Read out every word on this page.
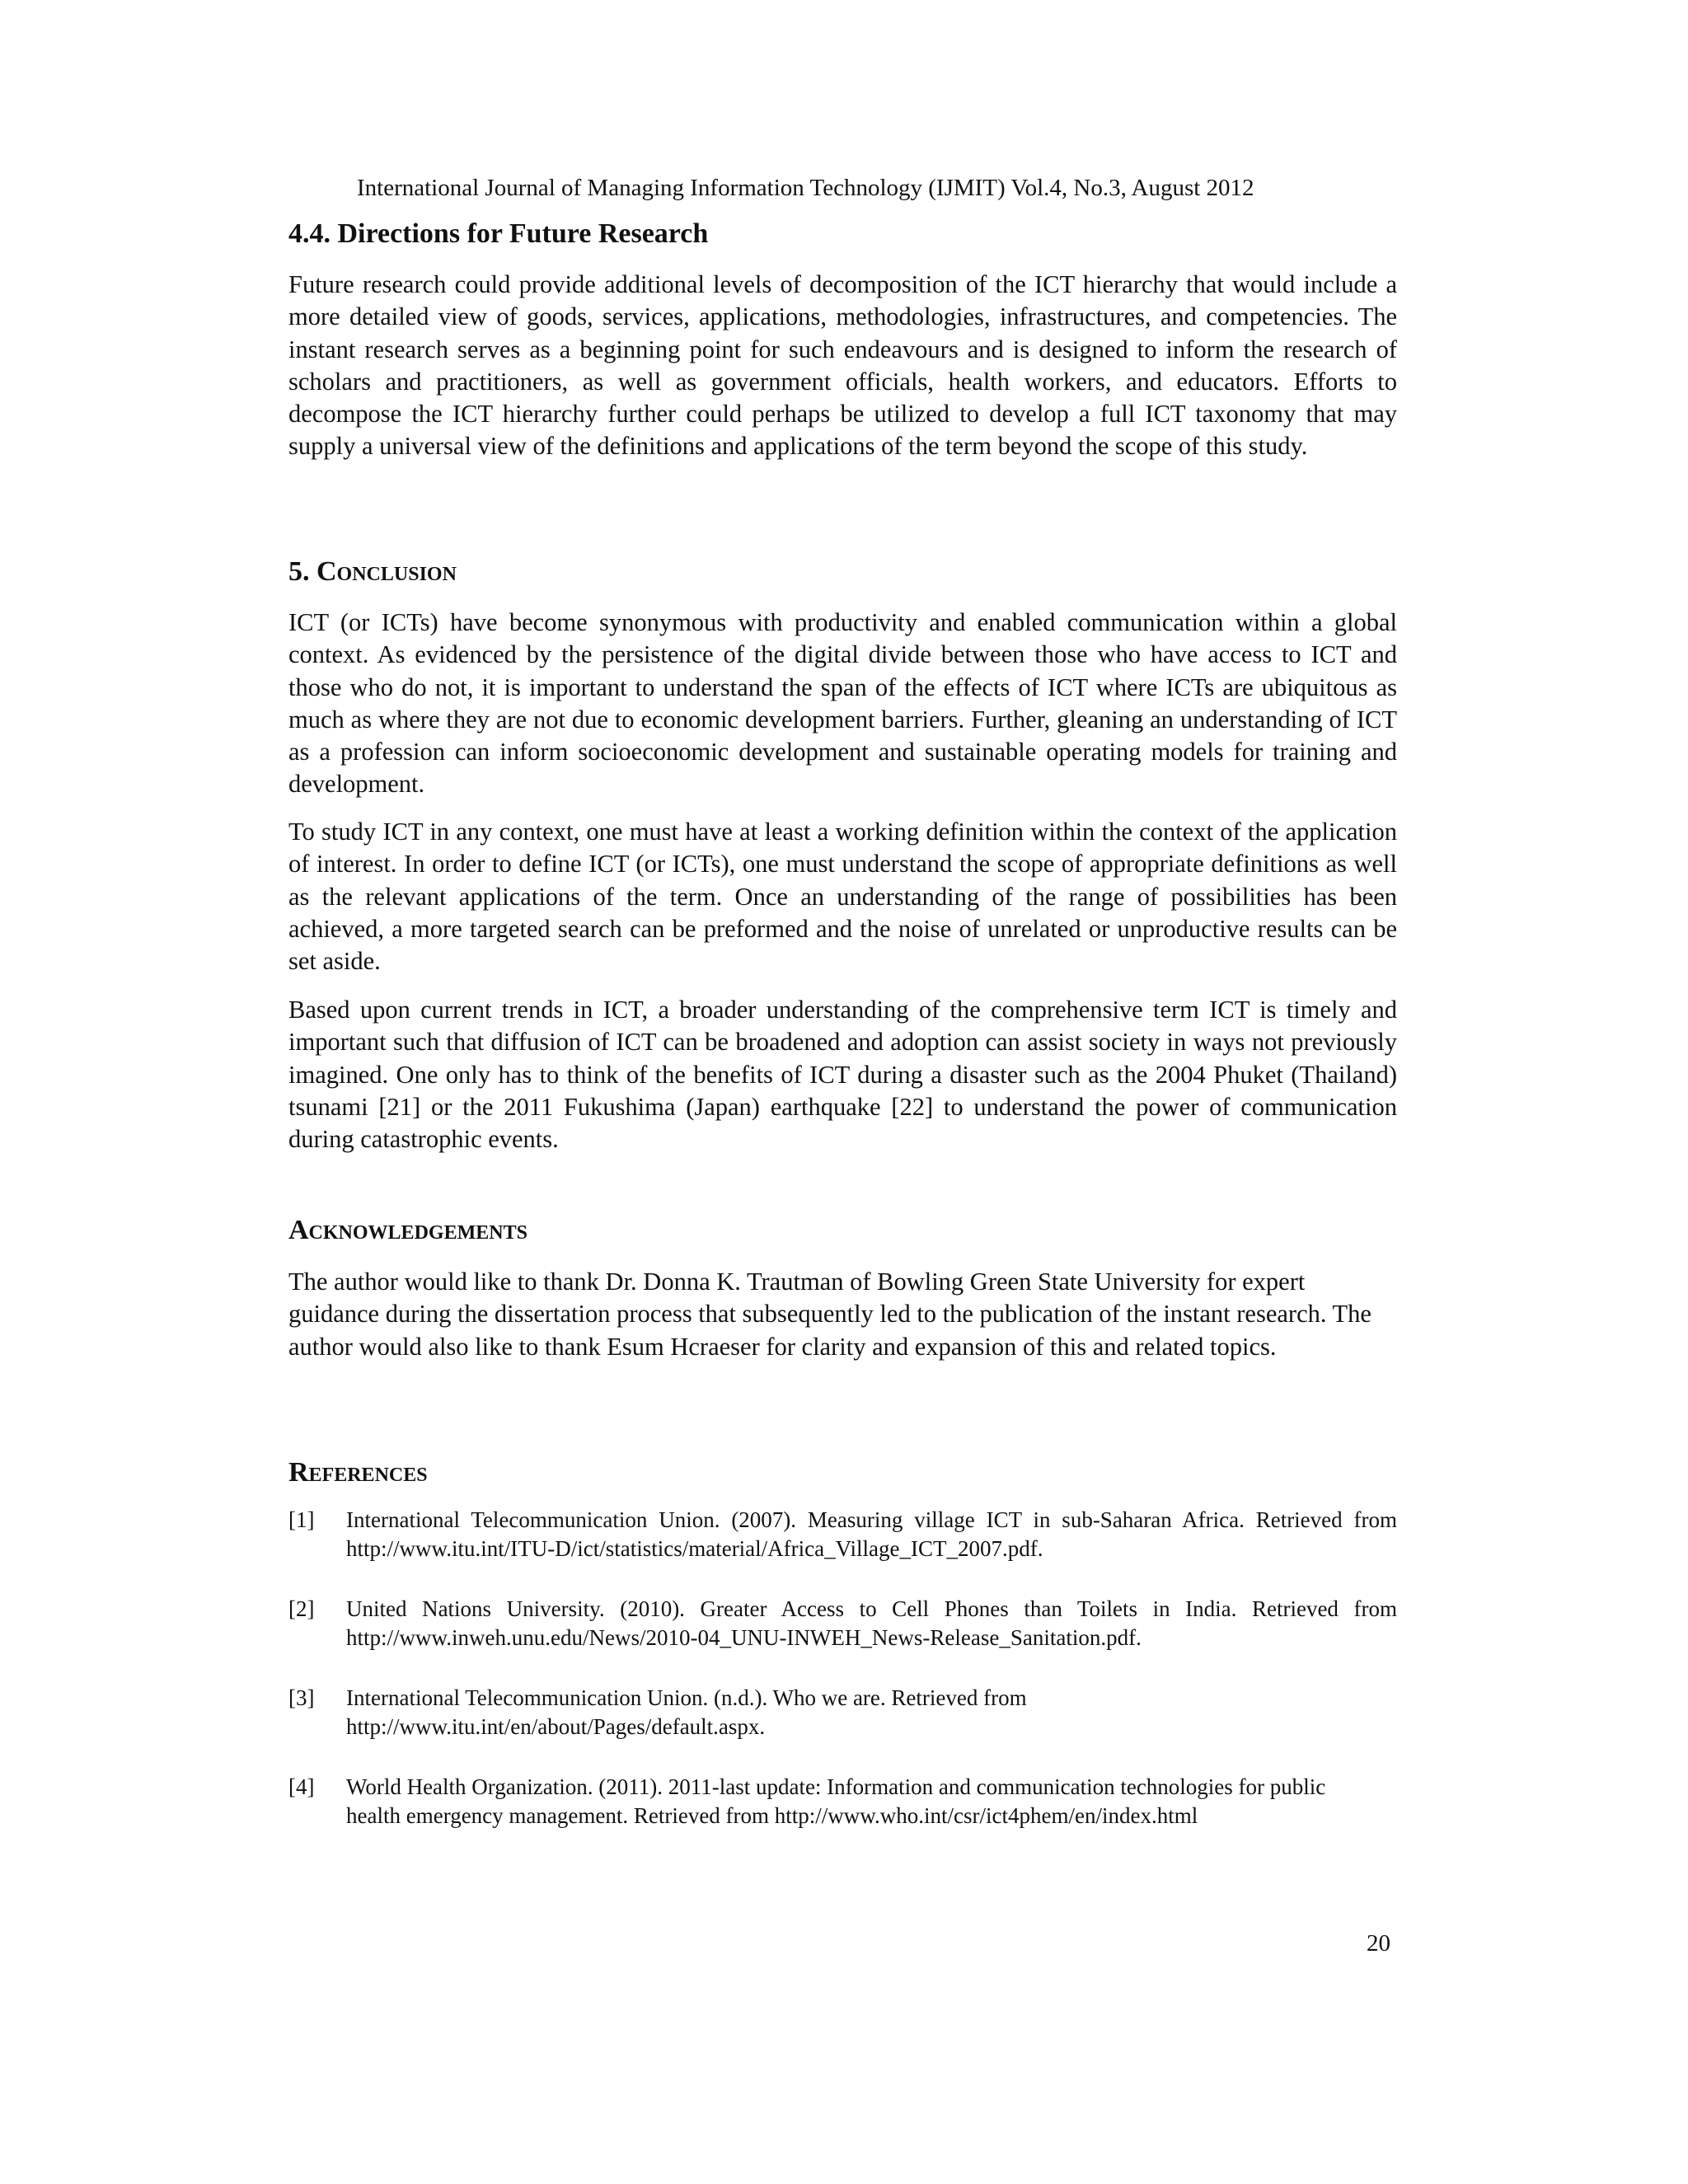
International Journal of Managing Information Technology (IJMIT) Vol.4, No.3, August 2012
4.4. Directions for Future Research
Future research could provide additional levels of decomposition of the ICT hierarchy that would include a more detailed view of goods, services, applications, methodologies, infrastructures, and competencies. The instant research serves as a beginning point for such endeavours and is designed to inform the research of scholars and practitioners, as well as government officials, health workers, and educators. Efforts to decompose the ICT hierarchy further could perhaps be utilized to develop a full ICT taxonomy that may supply a universal view of the definitions and applications of the term beyond the scope of this study.
5. Conclusion
ICT (or ICTs) have become synonymous with productivity and enabled communication within a global context. As evidenced by the persistence of the digital divide between those who have access to ICT and those who do not, it is important to understand the span of the effects of ICT where ICTs are ubiquitous as much as where they are not due to economic development barriers. Further, gleaning an understanding of ICT as a profession can inform socioeconomic development and sustainable operating models for training and development.
To study ICT in any context, one must have at least a working definition within the context of the application of interest. In order to define ICT (or ICTs), one must understand the scope of appropriate definitions as well as the relevant applications of the term. Once an understanding of the range of possibilities has been achieved, a more targeted search can be preformed and the noise of unrelated or unproductive results can be set aside.
Based upon current trends in ICT, a broader understanding of the comprehensive term ICT is timely and important such that diffusion of ICT can be broadened and adoption can assist society in ways not previously imagined. One only has to think of the benefits of ICT during a disaster such as the 2004 Phuket (Thailand) tsunami [21] or the 2011 Fukushima (Japan) earthquake [22] to understand the power of communication during catastrophic events.
Acknowledgements
The author would like to thank Dr. Donna K. Trautman of Bowling Green State University for expert guidance during the dissertation process that subsequently led to the publication of the instant research. The author would also like to thank Esum Hcraeser for clarity and expansion of this and related topics.
References
[1]	International Telecommunication Union. (2007). Measuring village ICT in sub-Saharan Africa. Retrieved from http://www.itu.int/ITU-D/ict/statistics/material/Africa_Village_ICT_2007.pdf.
[2]	United Nations University. (2010). Greater Access to Cell Phones than Toilets in India. Retrieved from http://www.inweh.unu.edu/News/2010-04_UNU-INWEH_News-Release_Sanitation.pdf.
[3]	International Telecommunication Union. (n.d.). Who we are. Retrieved from http://www.itu.int/en/about/Pages/default.aspx.
[4]	World Health Organization. (2011). 2011-last update: Information and communication technologies for public health emergency management. Retrieved from http://www.who.int/csr/ict4phem/en/index.html
20
